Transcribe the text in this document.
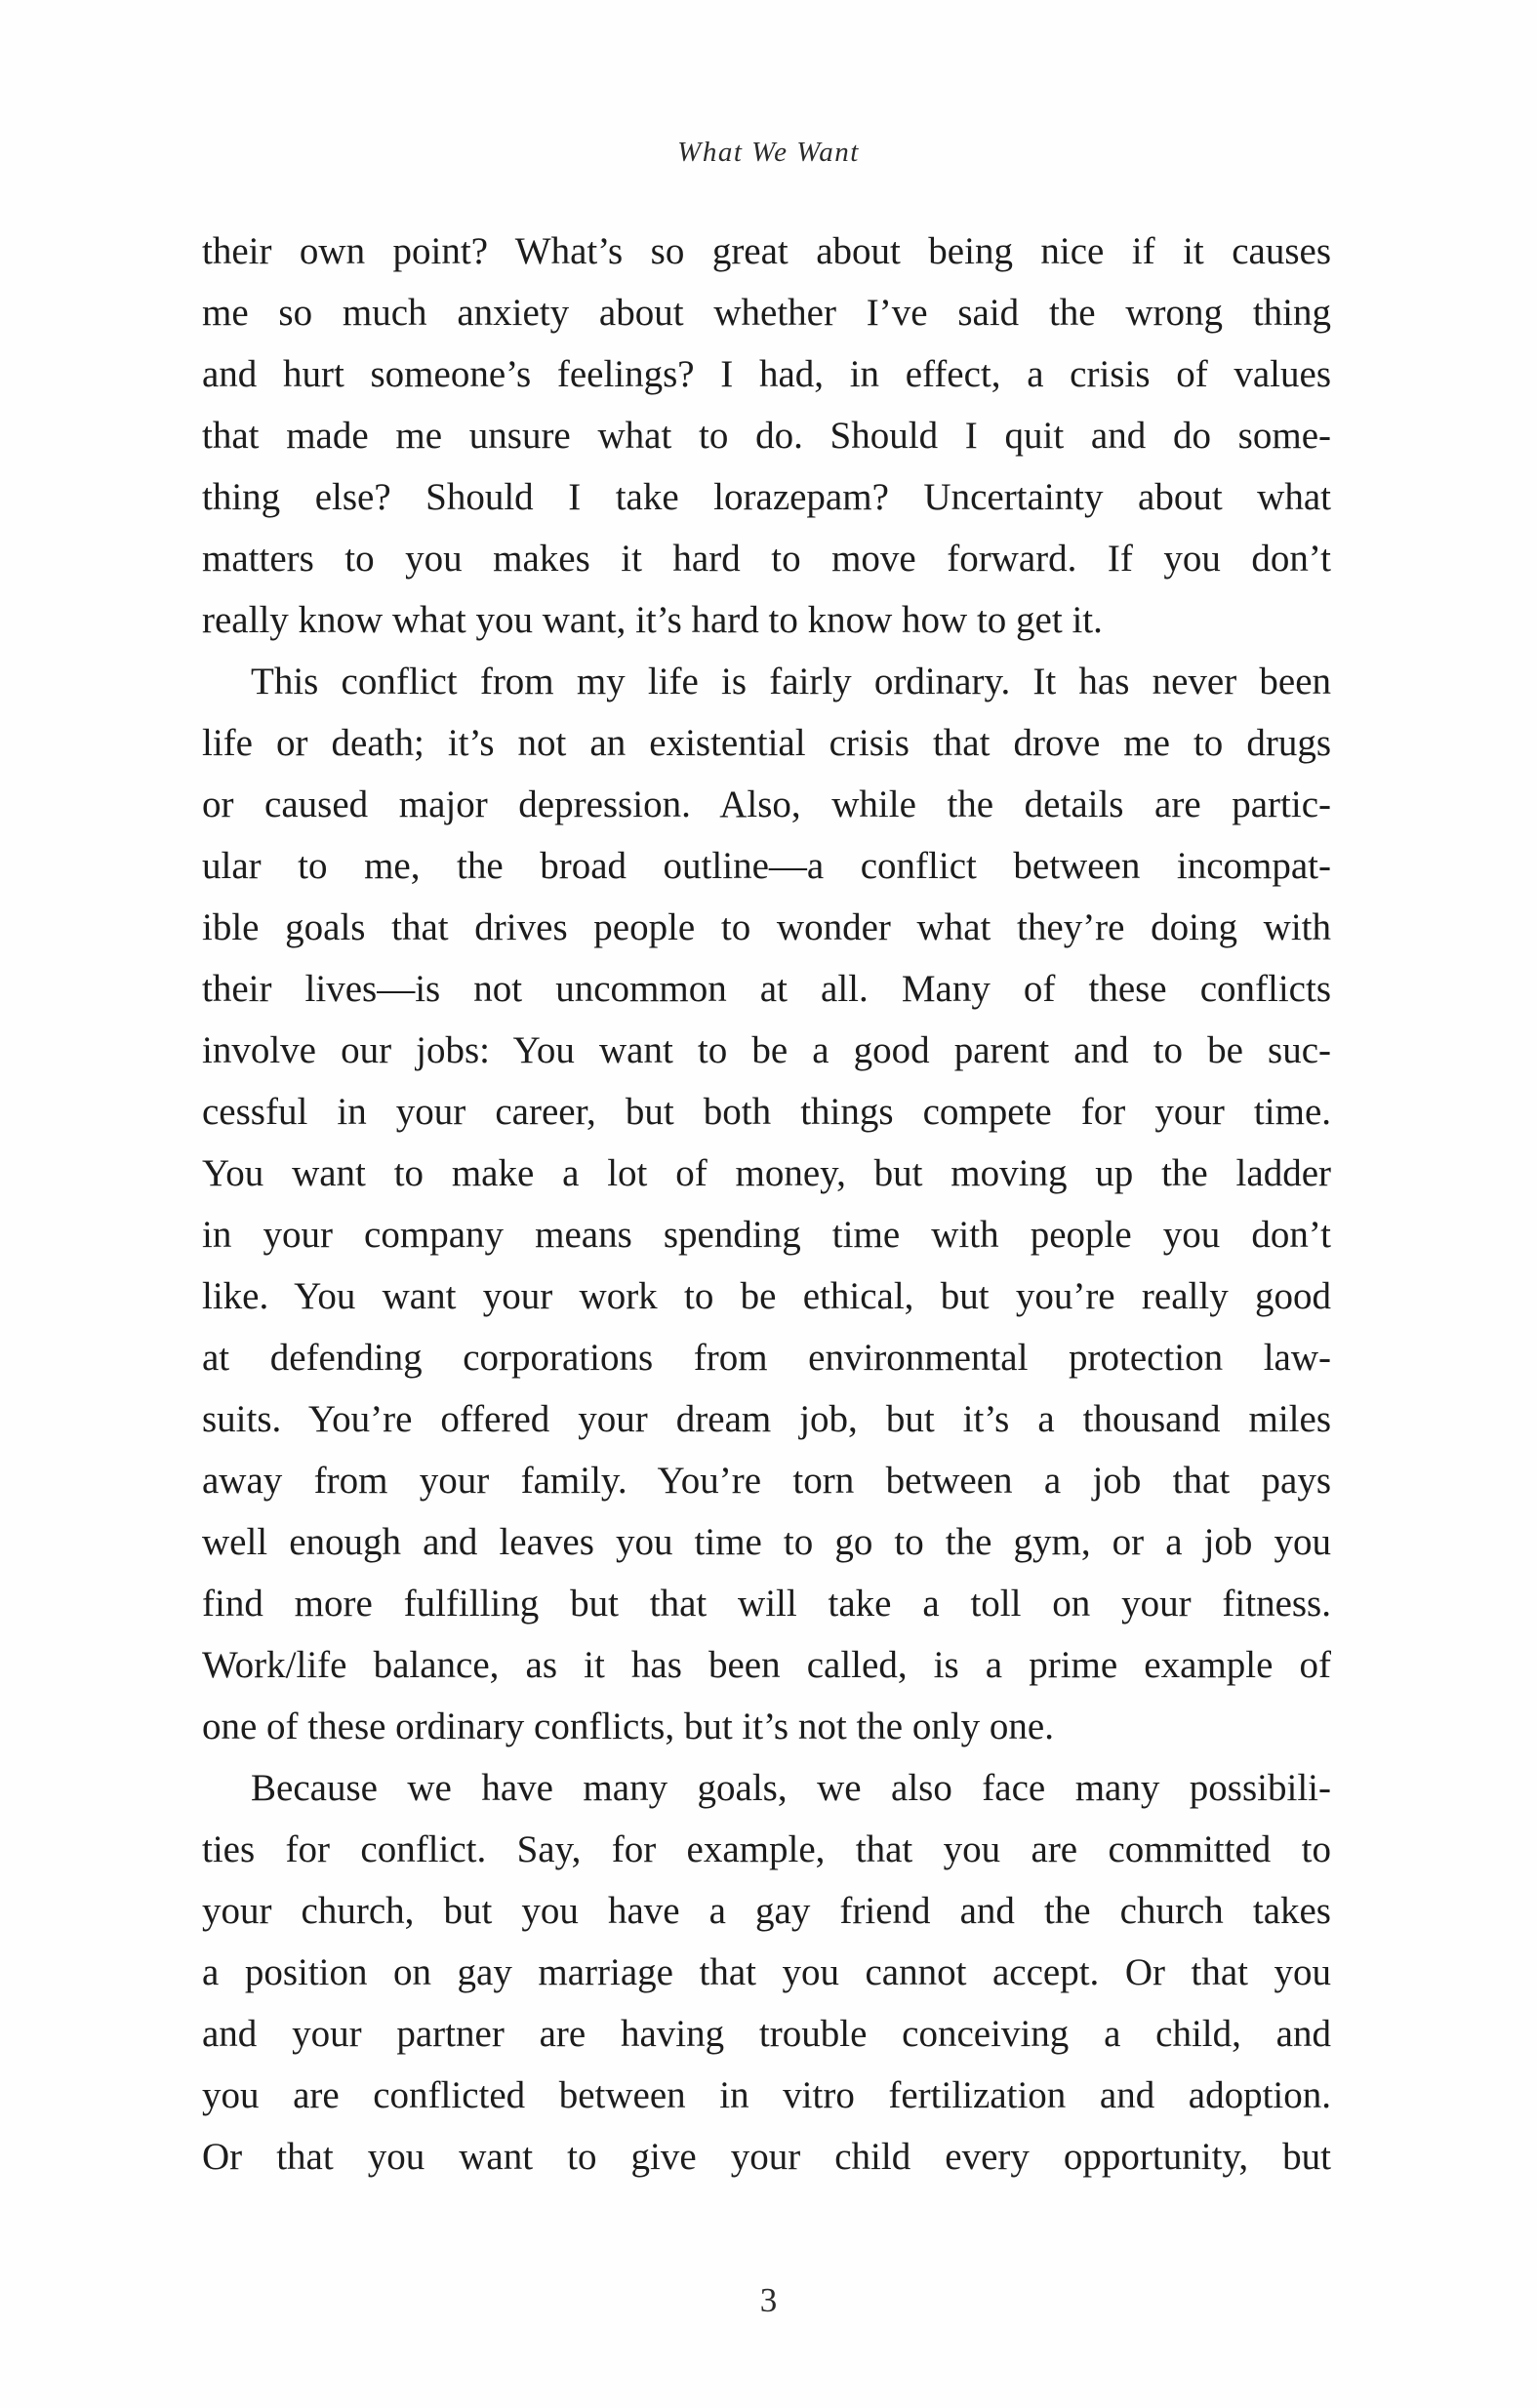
What We Want
their own point? What’s so great about being nice if it causes
me so much anxiety about whether I’ve said the wrong thing
and hurt someone’s feelings? I had, in effect, a crisis of values
that made me unsure what to do. Should I quit and do some-
thing else? Should I take lorazepam? Uncertainty about what
matters to you makes it hard to move forward. If you don’t
really know what you want, it’s hard to know how to get it.
This conflict from my life is fairly ordinary. It has never been
life or death; it’s not an existential crisis that drove me to drugs
or caused major depression. Also, while the details are partic-
ular to me, the broad outline—a conflict between incompat-
ible goals that drives people to wonder what they’re doing with
their lives—is not uncommon at all. Many of these conflicts
involve our jobs: You want to be a good parent and to be suc-
cessful in your career, but both things compete for your time.
You want to make a lot of money, but moving up the ladder
in your company means spending time with people you don’t
like. You want your work to be ethical, but you’re really good
at defending corporations from environmental protection law-
suits. You’re offered your dream job, but it’s a thousand miles
away from your family. You’re torn between a job that pays
well enough and leaves you time to go to the gym, or a job you
find more fulfilling but that will take a toll on your fitness.
Work/life balance, as it has been called, is a prime example of
one of these ordinary conflicts, but it’s not the only one.
Because we have many goals, we also face many possibili-
ties for conflict. Say, for example, that you are committed to
your church, but you have a gay friend and the church takes
a position on gay marriage that you cannot accept. Or that you
and your partner are having trouble conceiving a child, and
you are conflicted between in vitro fertilization and adoption.
Or that you want to give your child every opportunity, but
3
